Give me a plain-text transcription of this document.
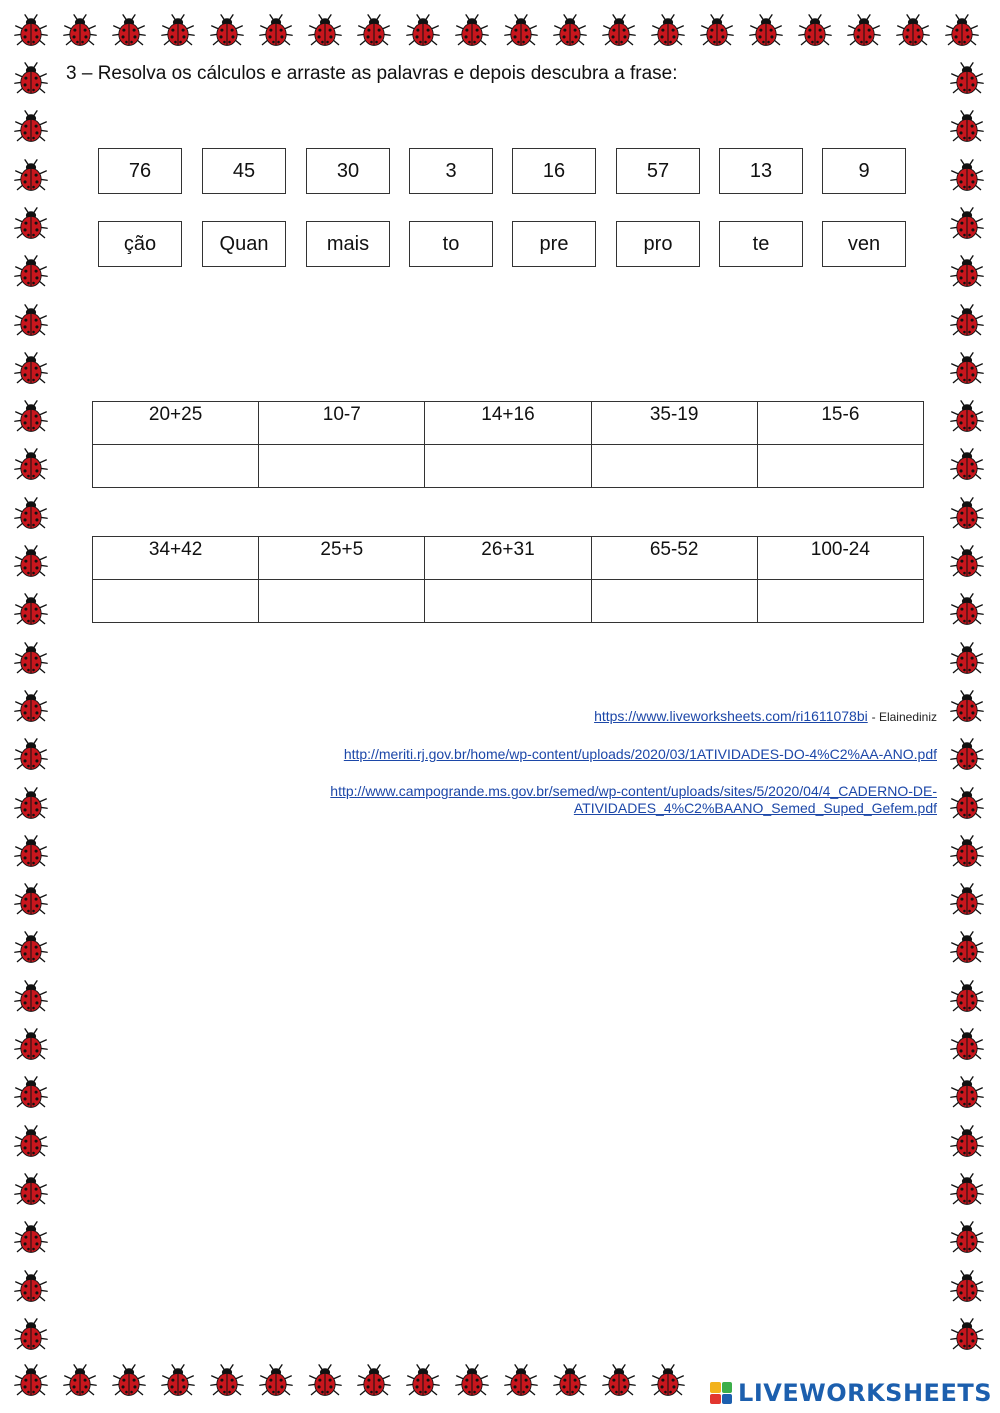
3 – Resolva os cálculos e arraste as palavras e depois descubra a frase:
76	45	30	3	16	57	13	9
ção	Quan	mais	to	pre	pro	te	ven
20+25	10-7	14+16	35-19	15-6

34+42	25+5	26+31	65-52	100-24

https://www.liveworksheets.com/ri1611078bi - Elainediniz
http://meriti.rj.gov.br/home/wp-content/uploads/2020/03/1ATIVIDADES-DO-4%C2%AA-ANO.pdf
http://www.campogrande.ms.gov.br/semed/wp-content/uploads/sites/5/2020/04/4_CADERNO-DE-
ATIVIDADES_4%C2%BAANO_Semed_Suped_Gefem.pdf
LIVEWORKSHEETS
